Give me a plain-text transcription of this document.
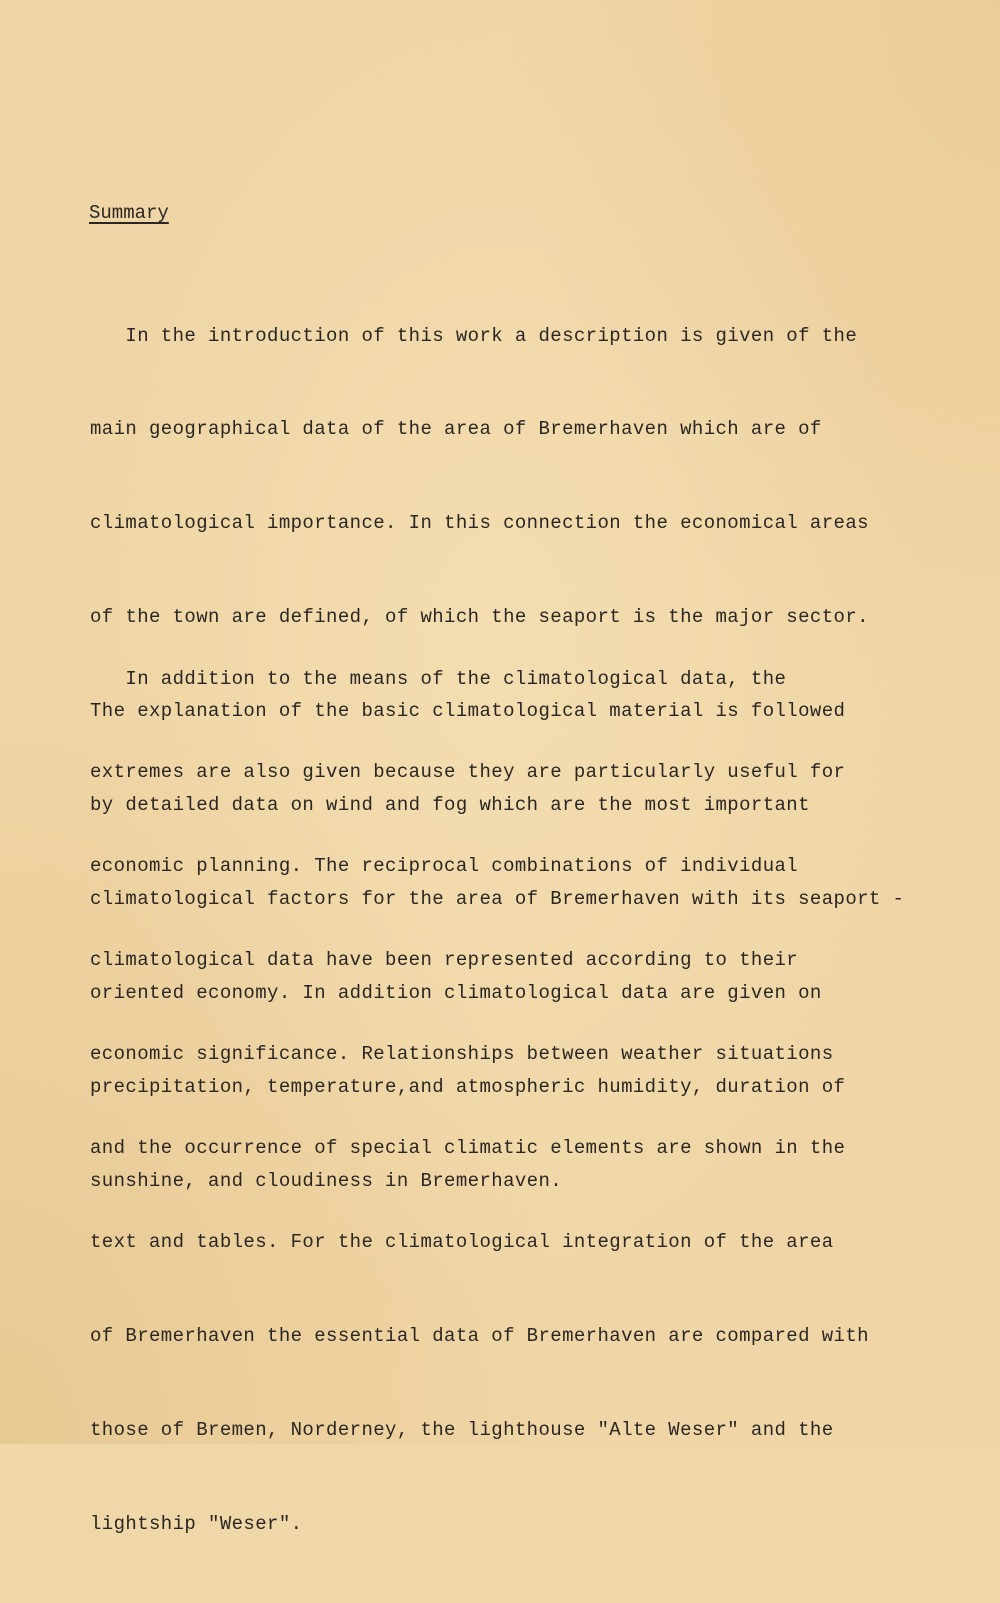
Summary

In the introduction of this work a description is given of the

main geographical data of the area of Bremerhaven which are of

climatological importance. In this connection the economical areas

of the town are defined, of which the seaport is the major sector.

The explanation of the basic climatological material is followed

by detailed data on wind and fog which are the most important

climatological factors for the area of Bremerhaven with its seaport -

oriented economy. In addition climatological data are given on

precipitation, temperature,and atmospheric humidity, duration of

sunshine, and cloudiness in Bremerhaven.

In addition to the means of the climatological data, the

extremes are also given because they are particularly useful for

economic planning. The reciprocal combinations of individual

climatological data have been represented according to their

economic significance. Relationships between weather situations

and the occurrence of special climatic elements are shown in the

text and tables. For the climatological integration of the area

of Bremerhaven the essential data of Bremerhaven are compared with

those of Bremen, Norderney, the lighthouse "Alte Weser" and the

lightship "Weser".
